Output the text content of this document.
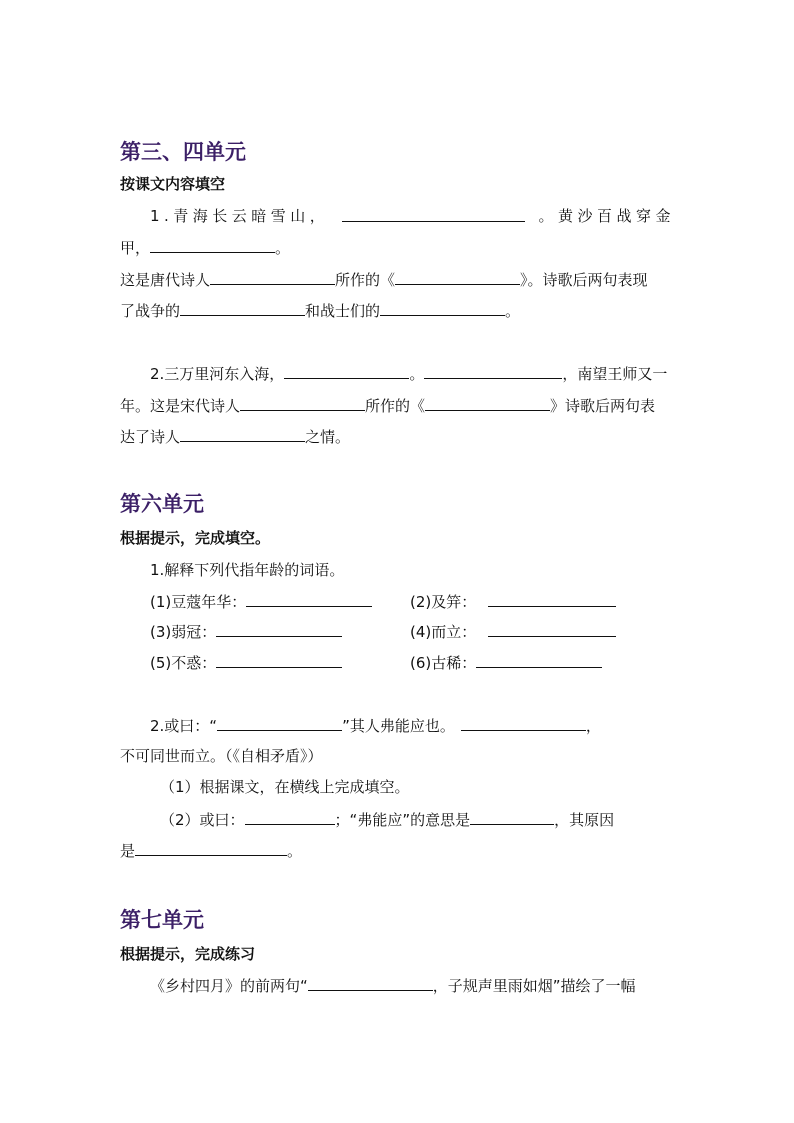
第三、四单元
按课文内容填空
1.青海长云暗雪山，	。黄沙百战穿金
甲，	。
这是唐代诗人	所作的《	》。诗歌后两句表现
了战争的	和战士们的	。
2.三万里河东入海，	。	，南望王师又一
年。这是宋代诗人	所作的《	》诗歌后两句表
达了诗人	之情。
第六单元
根据提示，完成填空。
1.解释下列代指年龄的词语。
(1)豆蔻年华：	(2)及笄：
(3)弱冠：	(4)而立：
(5)不惑：	(6)古稀：
2.或曰：“	”其人弗能应也。	，
不可同世而立。（《自相矛盾》）
（1）根据课文，在横线上完成填空。
（2）或曰：	；“弗能应”的意思是	，其原因
是	。
第七单元
根据提示，完成练习
《乡村四月》的前两句“	，子规声里雨如烟”描绘了一幅
